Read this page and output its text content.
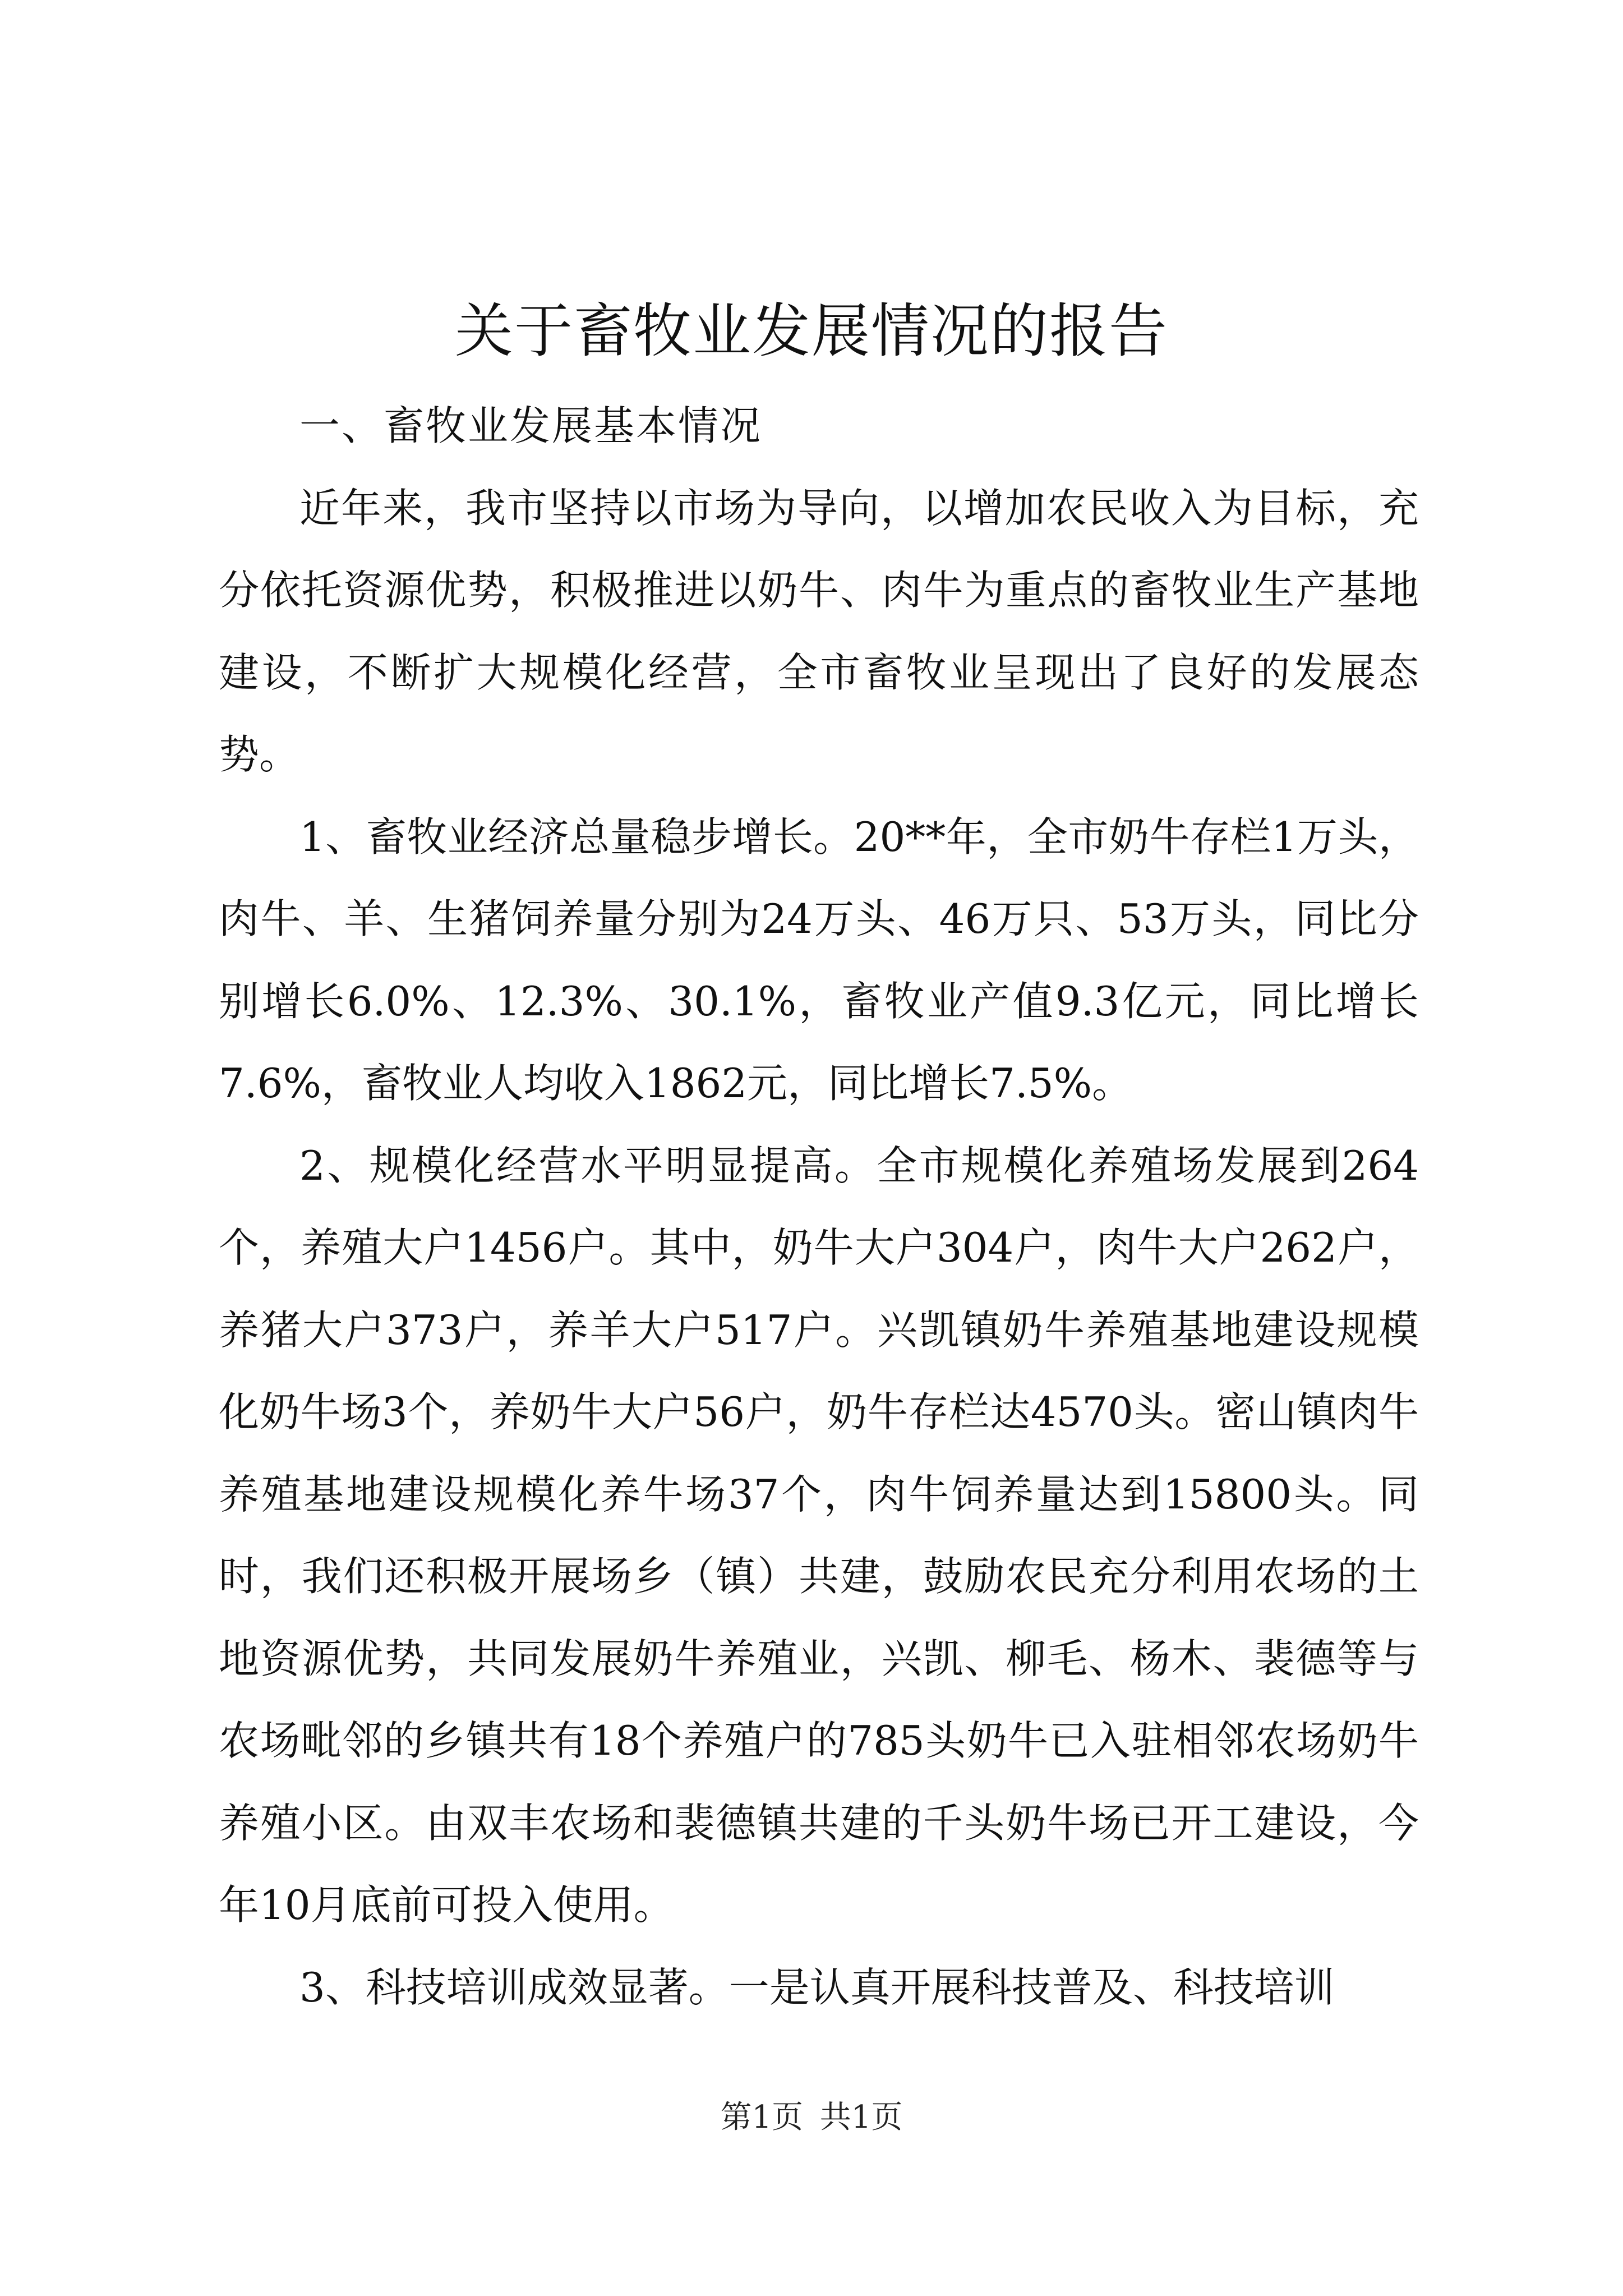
关于畜牧业发展情况的报告

一、畜牧业发展基本情况

近年来，我市坚持以市场为导向，以增加农民收入为目标，充分依托资源优势，积极推进以奶牛、肉牛为重点的畜牧业生产基地建设，不断扩大规模化经营，全市畜牧业呈现出了良好的发展态势。

1、畜牧业经济总量稳步增长。20**年，全市奶牛存栏1万头，肉牛、羊、生猪饲养量分别为24万头、46万只、53万头，同比分别增长6.0%、12.3%、30.1%，畜牧业产值9.3亿元，同比增长7.6%，畜牧业人均收入1862元，同比增长7.5%。

2、规模化经营水平明显提高。全市规模化养殖场发展到264个，养殖大户1456户。其中，奶牛大户304户，肉牛大户262户，养猪大户373户，养羊大户517户。兴凯镇奶牛养殖基地建设规模化奶牛场3个，养奶牛大户56户，奶牛存栏达4570头。密山镇肉牛养殖基地建设规模化养牛场37个，肉牛饲养量达到15800头。同时，我们还积极开展场乡（镇）共建，鼓励农民充分利用农场的土地资源优势，共同发展奶牛养殖业，兴凯、柳毛、杨木、裴德等与农场毗邻的乡镇共有18个养殖户的785头奶牛已入驻相邻农场奶牛养殖小区。由双丰农场和裴德镇共建的千头奶牛场已开工建设，今年10月底前可投入使用。

3、科技培训成效显著。一是认真开展科技普及、科技培训

第1页 共1页
